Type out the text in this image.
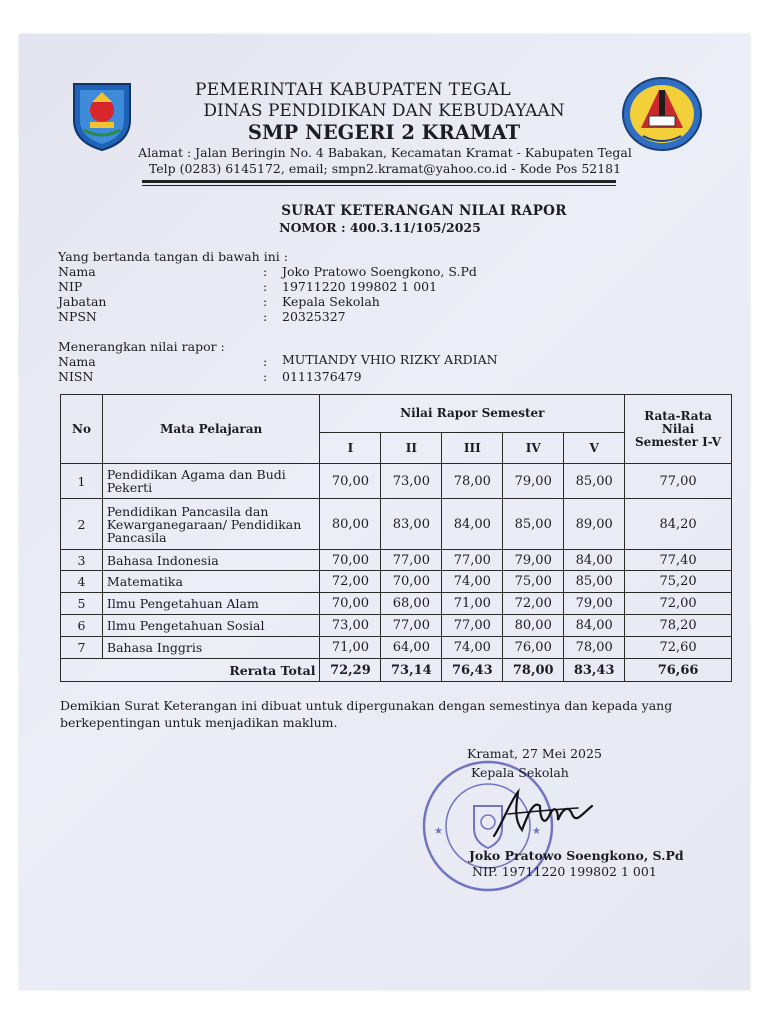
PEMERINTAH KABUPATEN TEGAL
DINAS PENDIDIKAN DAN KEBUDAYAAN
SMP NEGERI 2 KRAMAT
Alamat : Jalan Beringin No. 4 Babakan, Kecamatan Kramat - Kabupaten Tegal
Telp (0283) 6145172, email; smpn2.kramat@yahoo.co.id - Kode Pos 52181
SURAT KETERANGAN NILAI RAPOR
NOMOR : 400.3.11/105/2025
Yang bertanda tangan di bawah ini :
Nama	: Joko Pratowo Soengkono, S.Pd
NIP	: 19711220 199802 1 001
Jabatan	: Kepala Sekolah
NPSN	: 20325327
Menerangkan nilai rapor :
Nama	: MUTIANDY VHIO RIZKY ARDIAN
NISN	: 0111376479
No	Mata Pelajaran	Nilai Rapor Semester					Rata-Rata Nilai Semester I-V
		I	II	III	IV	V	
1	Pendidikan Agama dan Budi Pekerti	70,00	73,00	78,00	79,00	85,00	77,00
2	Pendidikan Pancasila dan Kewarganegaraan/ Pendidikan Pancasila	80,00	83,00	84,00	85,00	89,00	84,20
3	Bahasa Indonesia	70,00	77,00	77,00	79,00	84,00	77,40
4	Matematika	72,00	70,00	74,00	75,00	85,00	75,20
5	Ilmu Pengetahuan Alam	70,00	68,00	71,00	72,00	79,00	72,00
6	Ilmu Pengetahuan Sosial	73,00	77,00	77,00	80,00	84,00	78,20
7	Bahasa Inggris	71,00	64,00	74,00	76,00	78,00	72,60
Rerata Total		72,29	73,14	76,43	78,00	83,43	76,66
Demikian Surat Keterangan ini dibuat untuk dipergunakan dengan semestinya dan kepada yang berkepentingan untuk menjadikan maklum.
★	★
Kramat, 27 Mei 2025
Kepala Sekolah
Joko Pratowo Soengkono, S.Pd
NIP. 19711220 199802 1 001
